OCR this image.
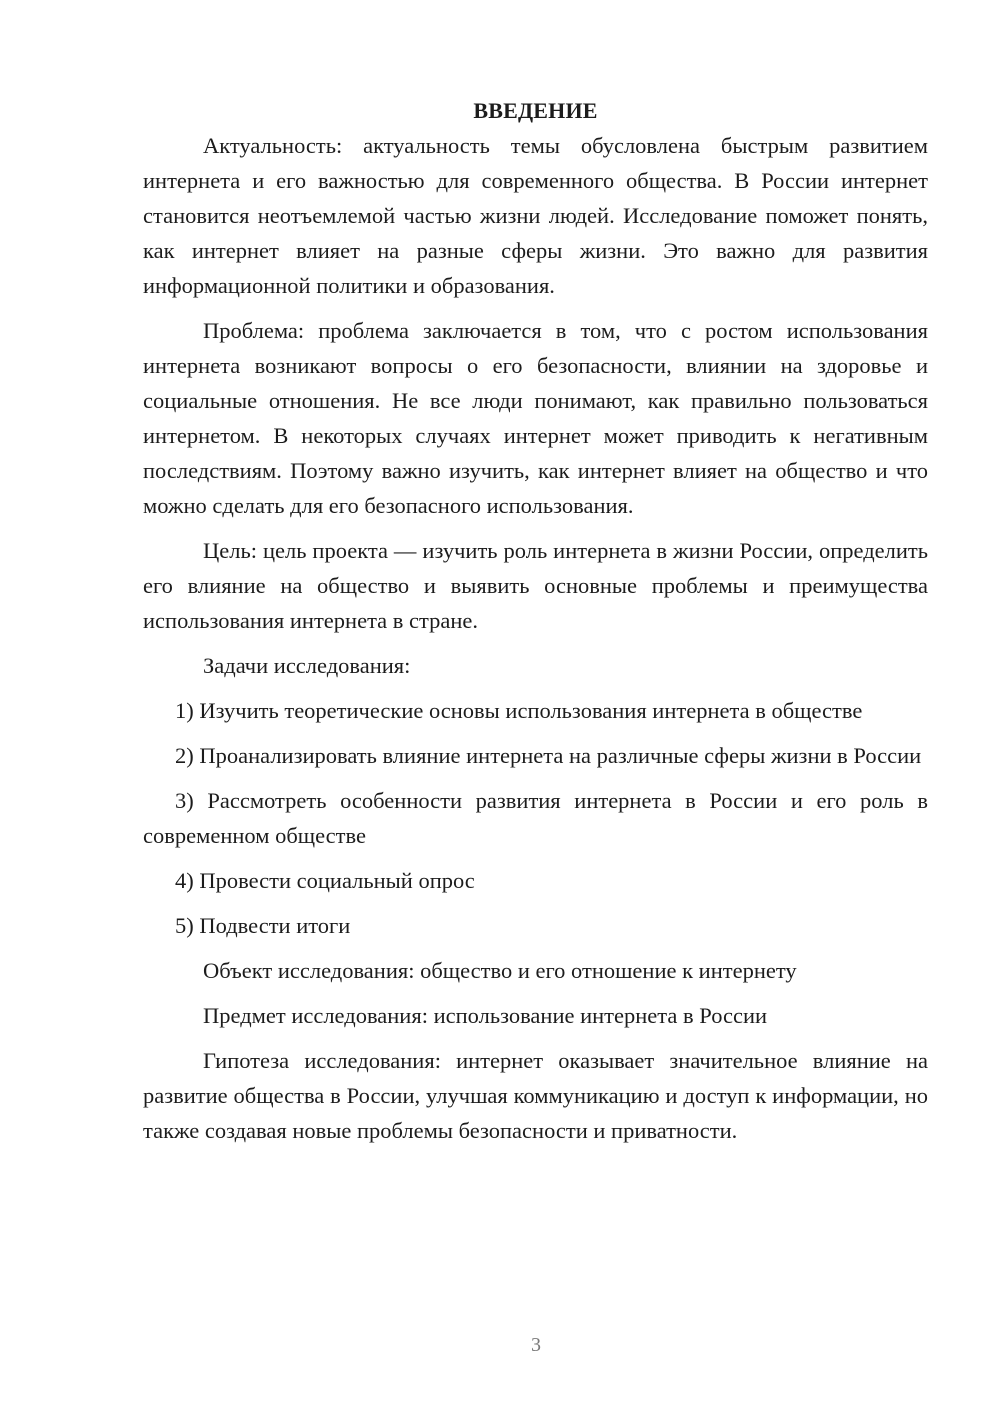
ВВЕДЕНИЕ

Актуальность: актуальность темы обусловлена быстрым развитием интернета и его важностью для современного общества. В России интернет становится неотъемлемой частью жизни людей. Исследование поможет понять, как интернет влияет на разные сферы жизни. Это важно для развития информационной политики и образования.

Проблема: проблема заключается в том, что с ростом использования интернета возникают вопросы о его безопасности, влиянии на здоровье и социальные отношения. Не все люди понимают, как правильно пользоваться интернетом. В некоторых случаях интернет может приводить к негативным последствиям. Поэтому важно изучить, как интернет влияет на общество и что можно сделать для его безопасного использования.

Цель: цель проекта — изучить роль интернета в жизни России, определить его влияние на общество и выявить основные проблемы и преимущества использования интернета в стране.

Задачи исследования:

1) Изучить теоретические основы использования интернета в обществе

2) Проанализировать влияние интернета на различные сферы жизни в России

3) Рассмотреть особенности развития интернета в России и его роль в современном обществе

4) Провести социальный опрос

5) Подвести итоги

Объект исследования: общество и его отношение к интернету

Предмет исследования: использование интернета в России

Гипотеза исследования: интернет оказывает значительное влияние на развитие общества в России, улучшая коммуникацию и доступ к информации, но также создавая новые проблемы безопасности и приватности.

3
